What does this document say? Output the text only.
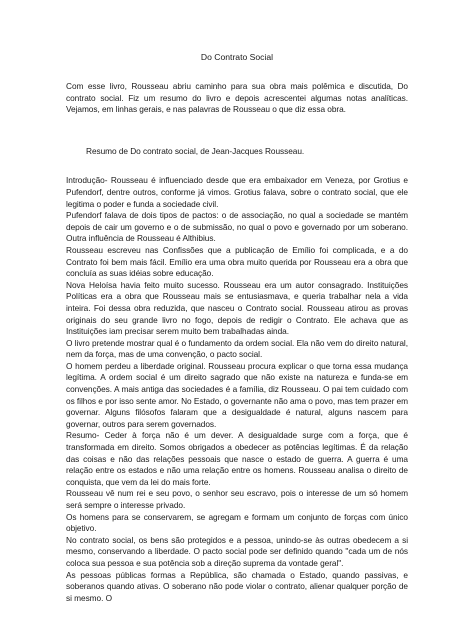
Do Contrato Social

Com esse livro, Rousseau abriu caminho para sua obra mais polêmica e discutida, Do contrato social. Fiz um resumo do livro e depois acrescentei algumas notas analíticas. Vejamos, em linhas gerais, e nas palavras de Rousseau o que diz essa obra.

Resumo de Do contrato social, de Jean-Jacques Rousseau.

Introdução- Rousseau é influenciado desde que era embaixador em Veneza, por Grotius e Pufendorf, dentre outros, conforme já vimos. Grotius falava, sobre o contrato social, que ele legitima o poder e funda a sociedade civil.

Pufendorf falava de dois tipos de pactos: o de associação, no qual a sociedade se mantém depois de cair um governo e o de submissão, no qual o povo e governado por um soberano. Outra influência de Rousseau é Althibius.

Rousseau escreveu nas Confissões que a publicação de Emílio foi complicada, e a do Contrato foi bem mais fácil. Emílio era uma obra muito querida por Rousseau era a obra que concluía as suas idéias sobre educação.

Nova Heloísa havia feito muito sucesso. Rousseau era um autor consagrado. Instituições Políticas era a obra que Rousseau mais se entusiasmava, e queria trabalhar nela a vida inteira. Foi dessa obra reduzida, que nasceu o Contrato social. Rousseau atirou as provas originais do seu grande livro no fogo, depois de redigir o Contrato. Ele achava que as Instituições iam precisar serem muito bem trabalhadas ainda.

O livro pretende mostrar qual é o fundamento da ordem social. Ela não vem do direito natural, nem da força, mas de uma convenção, o pacto social.

O homem perdeu a liberdade original. Rousseau procura explicar o que torna essa mudança legítima. A ordem social é um direito sagrado que não existe na natureza e funda-se em convenções. A mais antiga das sociedades é a família, diz Rousseau. O pai tem cuidado com os filhos e por isso sente amor. No Estado, o governante não ama o povo, mas tem prazer em governar. Alguns filósofos falaram que a desigualdade é natural, alguns nascem para governar, outros para serem governados.

Resumo- Ceder à força não é um dever. A desigualdade surge com a força, que é transformada em direito. Somos obrigados a obedecer as potências legítimas. É da relação das coisas e não das relações pessoais que nasce o estado de guerra. A guerra é uma relação entre os estados e não uma relação entre os homens. Rousseau analisa o direito de conquista, que vem da lei do mais forte.

Rousseau vê num rei e seu povo, o senhor seu escravo, pois o interesse de um só homem será sempre o interesse privado.

Os homens para se conservarem, se agregam e formam um conjunto de forças com único objetivo.

No contrato social, os bens são protegidos e a pessoa, unindo-se às outras obedecem a si mesmo, conservando a liberdade. O pacto social pode ser definido quando "cada um de nós coloca sua pessoa e sua potência sob a direção suprema da vontade geral".

As pessoas públicas formas a República, são chamada o Estado, quando passivas, e soberanos quando ativas. O soberano não pode violar o contrato, alienar qualquer porção de si mesmo. O
